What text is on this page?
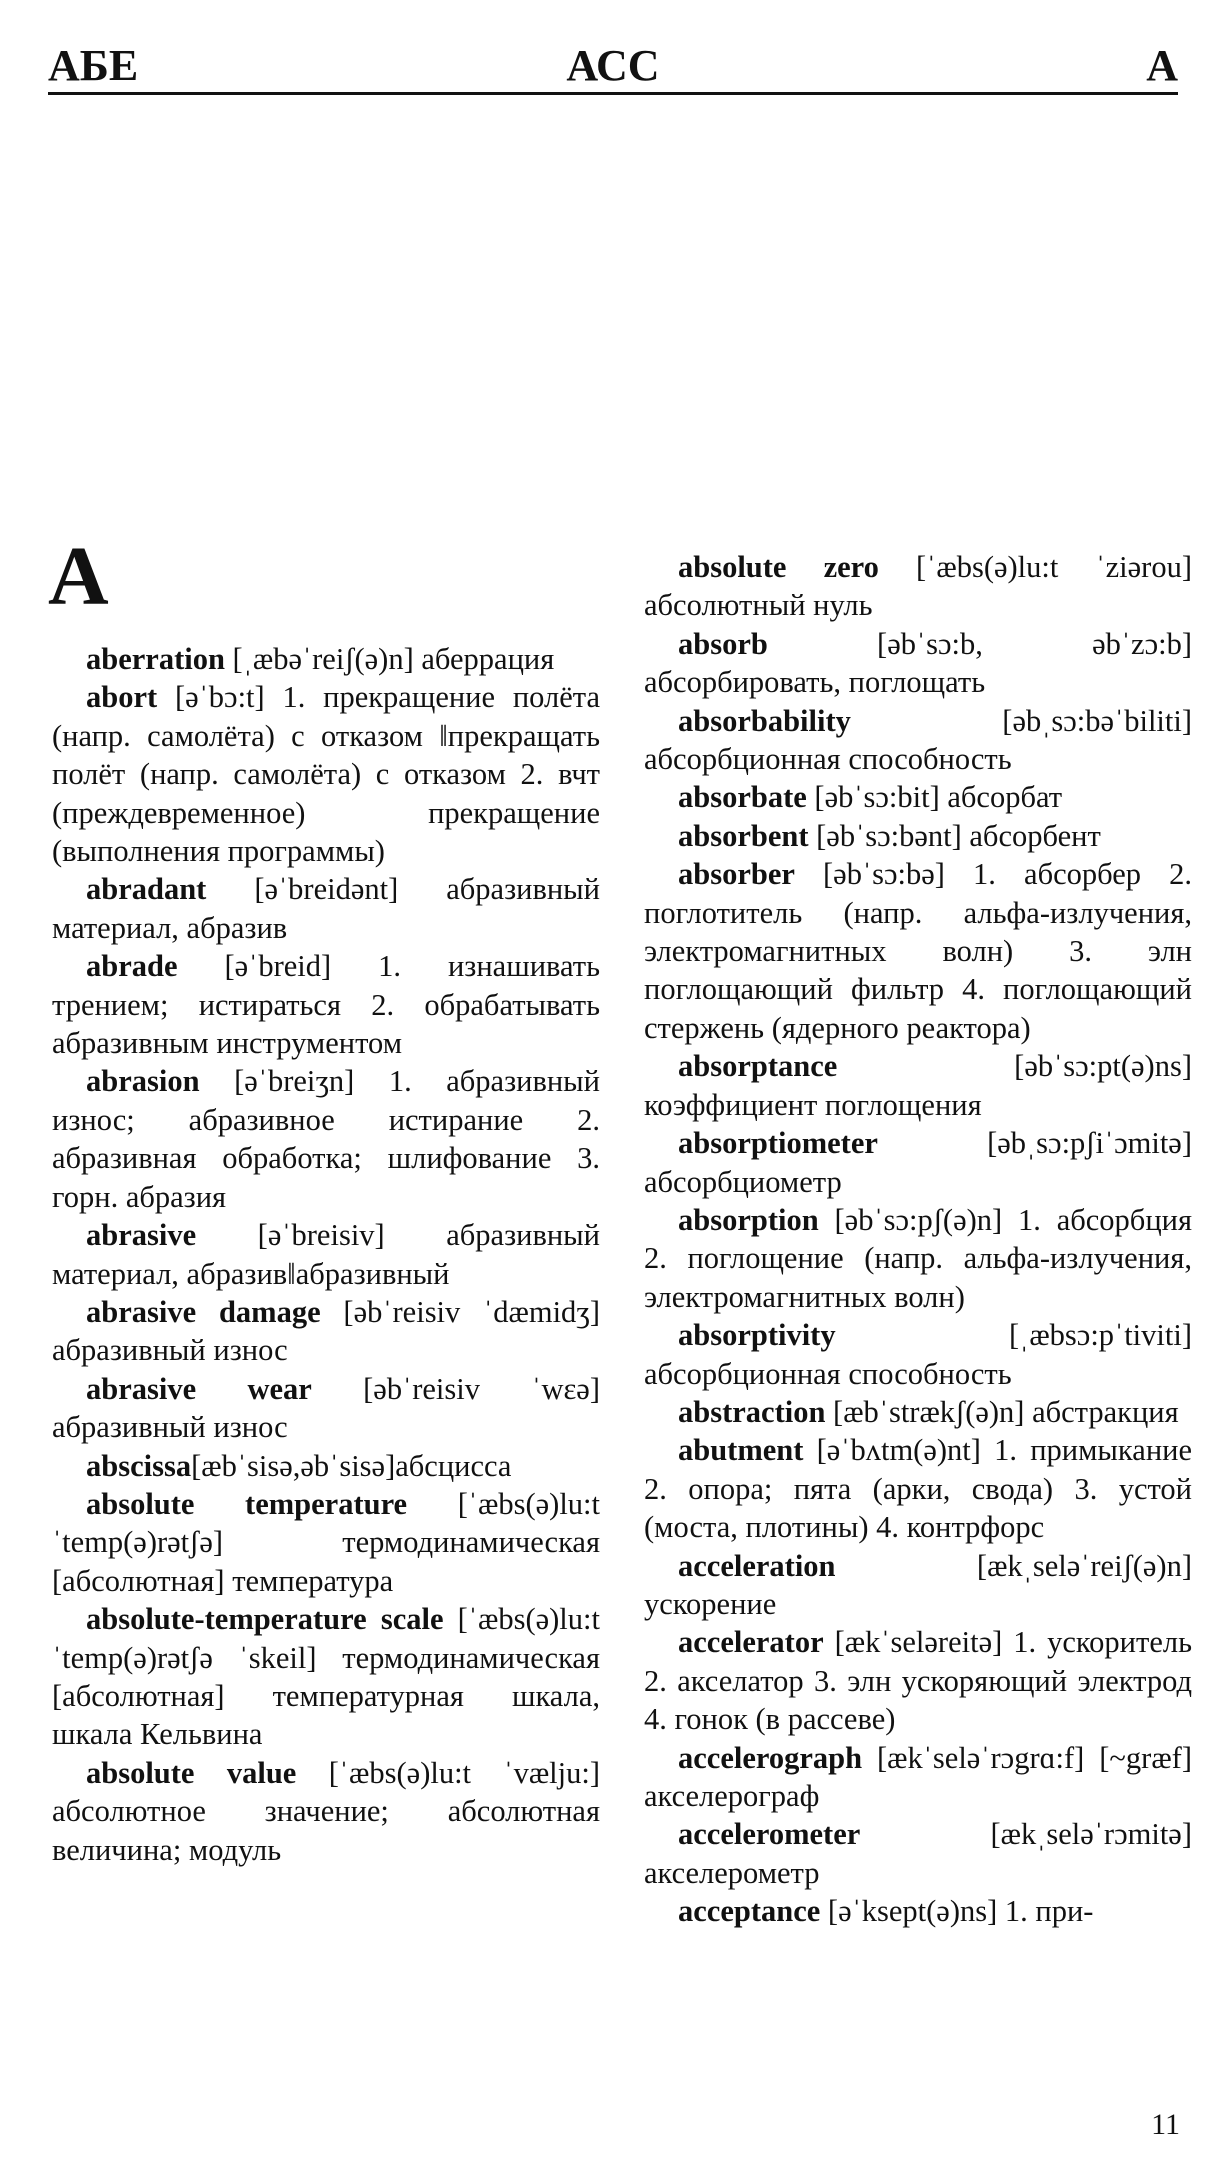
АБЕ	АСС	А
А

aberration [ˌæbəˈreiʃ(ə)n] аберрация

abort [əˈbɔ:t] 1. прекращение полёта (напр. самолёта) с отказом ‖прекращать полёт (напр. самолёта) с отказом 2. вчт (преждевременное) прекращение (выполнения программы)

abradant [əˈbreidənt] абразивный материал, абразив

abrade [əˈbreid] 1. изнашивать трением; истираться 2. обрабатывать абразивным инструментом

abrasion [əˈbreiʒn] 1. абразивный износ; абразивное истирание 2. абразивная обработка; шлифование 3. горн. абразия

abrasive [əˈbreisiv] абразивный материал, абразив‖абразивный

abrasive damage [əbˈreisiv ˈdæmidʒ] абразивный износ

abrasive wear [əbˈreisiv ˈwɛə] абразивный износ

abscissa[æbˈsisə,əbˈsisə]абсцисса

absolute temperature [ˈæbs(ə)lu:t ˈtemp(ə)rətʃə] термодинамическая [абсолютная] температура

absolute-temperature scale [ˈæbs(ə)lu:t ˈtemp(ə)rətʃə ˈskeil] термодинамическая [абсолютная] температурная шкала, шкала Кельвина

absolute value [ˈæbs(ə)lu:t ˈvælju:] абсолютное значение; абсолютная величина; модуль

absolute zero [ˈæbs(ə)lu:t ˈziərou] абсолютный нуль

absorb [əbˈsɔ:b, əbˈzɔ:b] абсорбировать, поглощать

absorbability [əbˌsɔ:bəˈbiliti] абсорбционная способность

absorbate [əbˈsɔ:bit] абсорбат

absorbent [əbˈsɔ:bənt] абсорбент

absorber [əbˈsɔ:bə] 1. абсорбер 2. поглотитель (напр. альфа-излучения, электромагнитных волн) 3. элн поглощающий фильтр 4. поглощающий стержень (ядерного реактора)

absorptance [əbˈsɔ:pt(ə)ns] коэффициент поглощения

absorptiometer [əbˌsɔ:pʃiˈɔmitə] абсорбциометр

absorption [əbˈsɔ:pʃ(ə)n] 1. абсорбция 2. поглощение (напр. альфа-излучения, электромагнитных волн)

absorptivity [ˌæbsɔ:pˈtiviti] абсорбционная способность

abstraction [æbˈstrækʃ(ə)n] абстракция

abutment [əˈbʌtm(ə)nt] 1. примыкание 2. опора; пята (арки, свода) 3. устой (моста, плотины) 4. контрфорс

acceleration [ækˌseləˈreiʃ(ə)n] ускорение

accelerator [ækˈseləreitə] 1. ускоритель 2. акселатор 3. элн ускоряющий электрод 4. гонок (в рассеве)

accelerograph [ækˈseləˈrɔgrɑ:f] [~græf] акселерограф

accelerometer [ækˌseləˈrɔmitə] акселерометр

acceptance [əˈksept(ə)ns] 1. при-

11
